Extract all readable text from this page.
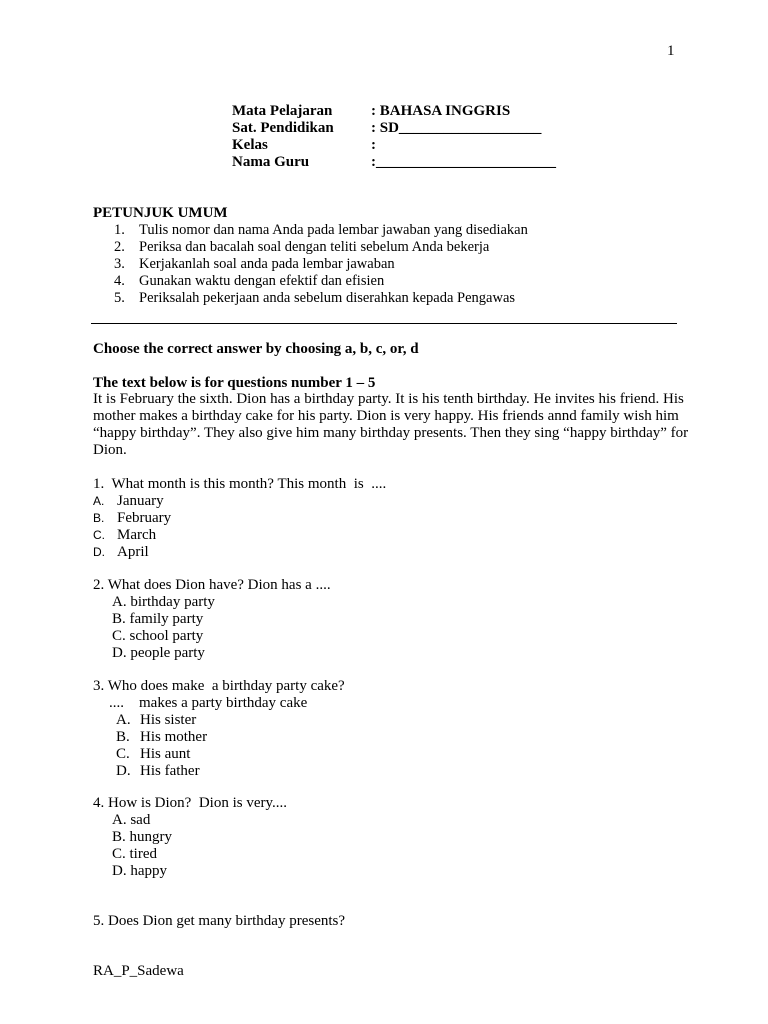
1
Mata Pelajaran	: BAHASA INGGRIS
Sat. Pendidikan	: SD___________________
Kelas	:
Nama Guru	:________________________
PETUNJUK UMUM
1. Tulis nomor dan nama Anda pada lembar jawaban yang disediakan
2. Periksa dan bacalah soal dengan teliti sebelum Anda bekerja
3. Kerjakanlah soal anda pada lembar jawaban
4. Gunakan waktu dengan efektif dan efisien
5. Periksalah pekerjaan anda sebelum diserahkan kepada Pengawas
Choose the correct answer by choosing a, b, c, or, d
The text below is for questions number 1 – 5
It is February the sixth. Dion has a birthday party. It is his tenth birthday. He invites his friend. His mother makes a birthday cake for his party. Dion is very happy. His friends annd family wish him “happy birthday”. They also give him many birthday presents. Then they sing “happy birthday” for Dion.
1.  What month is this month? This month  is  ....
A. January
B. February
C. March
D. April
2. What does Dion have? Dion has a ....
A. birthday party
B. family party
C. school party
D. people party
3. Who does make  a birthday party cake?
....    makes a party birthday cake
A. His sister
B. His mother
C. His aunt
D. His father
4. How is Dion?  Dion is very....
A. sad
B. hungry
C. tired
D. happy
5. Does Dion get many birthday presents?
RA_P_Sadewa
